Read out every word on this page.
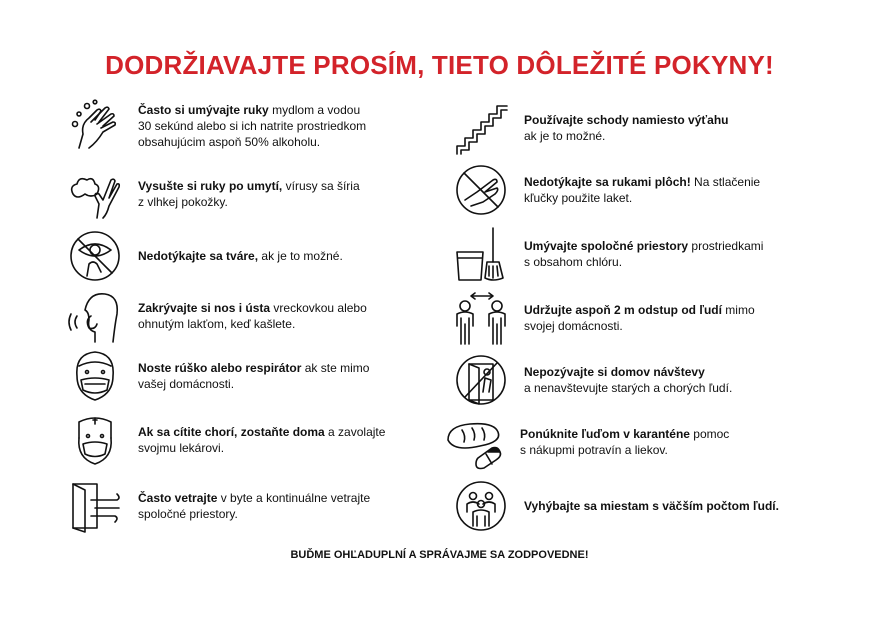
DODRŽIAVAJTE PROSÍM, TIETO DÔLEŽITÉ POKYNY!
Často si umývajte ruky mydlom a vodou
30 sekúnd alebo si ich natrite prostriedkom
obsahujúcim aspoň 50% alkoholu.
Vysušte si ruky po umytí, vírusy sa šíria
z vlhkej pokožky.
Nedotýkajte sa tváre, ak je to možné.
Zakrývajte si nos i ústa vreckovkou alebo
ohnutým lakťom, keď kašlete.
Noste rúško alebo respirátor ak ste mimo
vašej domácnosti.
Ak sa cítite chorí, zostaňte doma a zavolajte
svojmu lekárovi.
Často vetrajte v byte a kontinuálne vetrajte
spoločné priestory.
Používajte schody namiesto výťahu
ak je to možné.
Nedotýkajte sa rukami plôch! Na stlačenie
kľučky použite laket.
Umývajte spoločné priestory prostriedkami
s obsahom chlóru.
Udržujte aspoň 2 m odstup od ľudí mimo
svojej domácnosti.
Nepozývajte si domov návštevy
a nenavštevujte starých a chorých ľudí.
Ponúknite ľuďom v karanténe pomoc
s nákupmi potravín a liekov.
Vyhýbajte sa miestam s väčším počtom ľudí.
BUĎME OHĽADUPLNÍ A SPRÁVAJME SA ZODPOVEDNE!
